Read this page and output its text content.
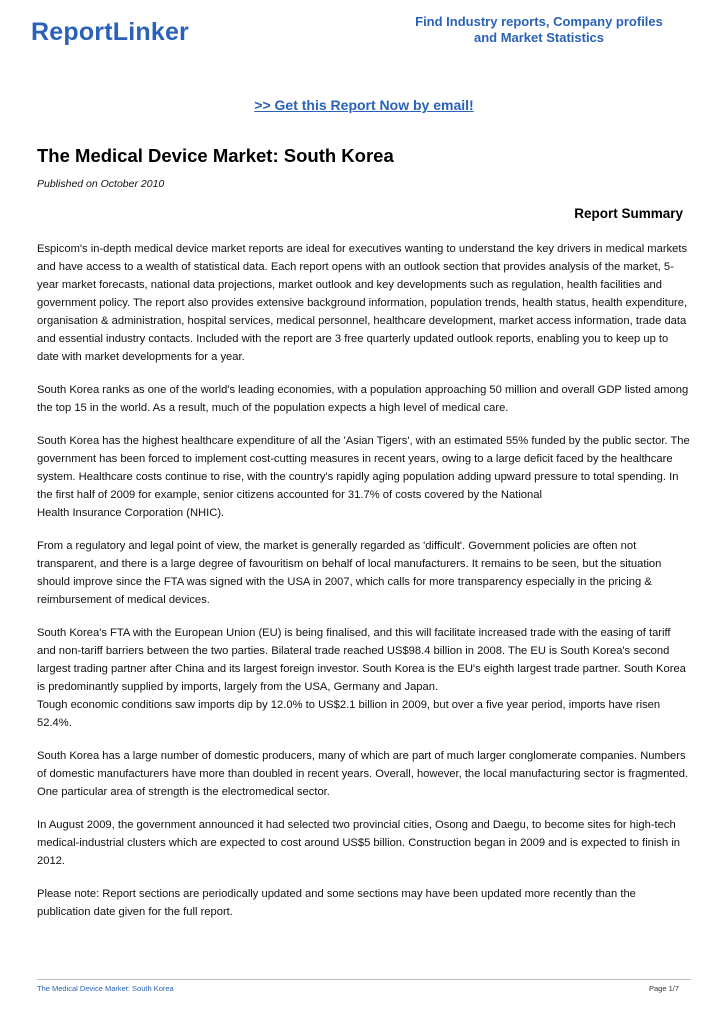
ReportLinker	Find Industry reports, Company profiles
and Market Statistics
>> Get this Report Now by email!
The Medical Device Market: South Korea
Published on October 2010
Report Summary

Espicom's in-depth medical device market reports are ideal for executives wanting to understand the key drivers in medical markets and have access to a wealth of statistical data. Each report opens with an outlook section that provides analysis of the market, 5-year market forecasts, national data projections, market outlook and key developments such as regulation, health facilities and government policy. The report also provides extensive background information, population trends, health status, health expenditure, organisation & administration, hospital services, medical personnel, healthcare development, market access information, trade data and essential industry contacts. Included with the report are 3 free quarterly updated outlook reports, enabling you to keep up to date with market developments for a year.

South Korea ranks as one of the world's leading economies, with a population approaching 50 million and overall GDP listed among the top 15 in the world. As a result, much of the population expects a high level of medical care.

South Korea has the highest healthcare expenditure of all the 'Asian Tigers', with an estimated 55% funded by the public sector. The government has been forced to implement cost-cutting measures in recent years, owing to a large deficit faced by the healthcare system. Healthcare costs continue to rise, with the country's rapidly aging population adding upward pressure to total spending. In the first half of 2009 for example, senior citizens accounted for 31.7% of costs covered by the National
Health Insurance Corporation (NHIC).

From a regulatory and legal point of view, the market is generally regarded as 'difficult'. Government policies are often not transparent, and there is a large degree of favouritism on behalf of local manufacturers. It remains to be seen, but the situation should improve since the FTA was signed with the USA in 2007, which calls for more transparency especially in the pricing & reimbursement of medical devices.

South Korea's FTA with the European Union (EU) is being finalised, and this will facilitate increased trade with the easing of tariff and non-tariff barriers between the two parties. Bilateral trade reached US$98.4 billion in 2008. The EU is South Korea's second largest trading partner after China and its largest foreign investor. South Korea is the EU's eighth largest trade partner. South Korea is predominantly supplied by imports, largely from the USA, Germany and Japan.
Tough economic conditions saw imports dip by 12.0% to US$2.1 billion in 2009, but over a five year period, imports have risen 52.4%.

South Korea has a large number of domestic producers, many of which are part of much larger conglomerate companies. Numbers of domestic manufacturers have more than doubled in recent years. Overall, however, the local manufacturing sector is fragmented. One particular area of strength is the electromedical sector.

In August 2009, the government announced it had selected two provincial cities, Osong and Daegu, to become sites for high-tech medical-industrial clusters which are expected to cost around US$5 billion. Construction began in 2009 and is expected to finish in 2012.

Please note: Report sections are periodically updated and some sections may have been updated more recently than the publication date given for the full report.

The Medical Device Market: South Korea	Page 1/7
